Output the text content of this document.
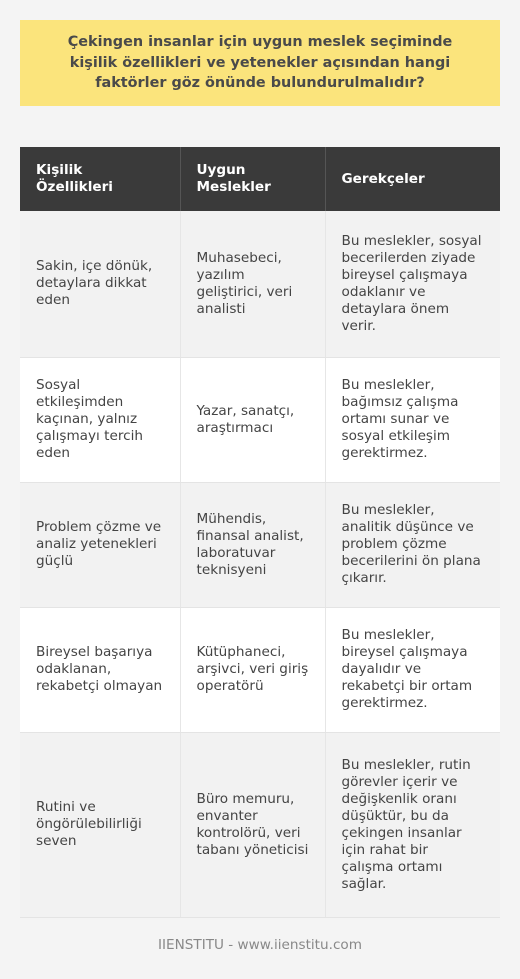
Çekingen insanlar için uygun meslek seçiminde kişilik özellikleri ve yetenekler açısından hangi faktörler göz önünde bulundurulmalıdır?

Kişilik Özellikleri	Uygun Meslekler	Gerekçeler
Sakin, içe dönük, detaylara dikkat eden	Muhasebeci, yazılım geliştirici, veri analisti	Bu meslekler, sosyal becerilerden ziyade bireysel çalışmaya odaklanır ve detaylara önem verir.
Sosyal etkileşimden kaçınan, yalnız çalışmayı tercih eden	Yazar, sanatçı, araştırmacı	Bu meslekler, bağımsız çalışma ortamı sunar ve sosyal etkileşim gerektirmez.
Problem çözme ve analiz yetenekleri güçlü	Mühendis, finansal analist, laboratuvar teknisyeni	Bu meslekler, analitik düşünce ve problem çözme becerilerini ön plana çıkarır.
Bireysel başarıya odaklanan, rekabetçi olmayan	Kütüphaneci, arşivci, veri giriş operatörü	Bu meslekler, bireysel çalışmaya dayalıdır ve rekabetçi bir ortam gerektirmez.
Rutini ve öngörülebilirliği seven	Büro memuru, envanter kontrolörü, veri tabanı yöneticisi	Bu meslekler, rutin görevler içerir ve değişkenlik oranı düşüktür, bu da çekingen insanlar için rahat bir çalışma ortamı sağlar.
IIENSTITU - www.iienstitu.com
